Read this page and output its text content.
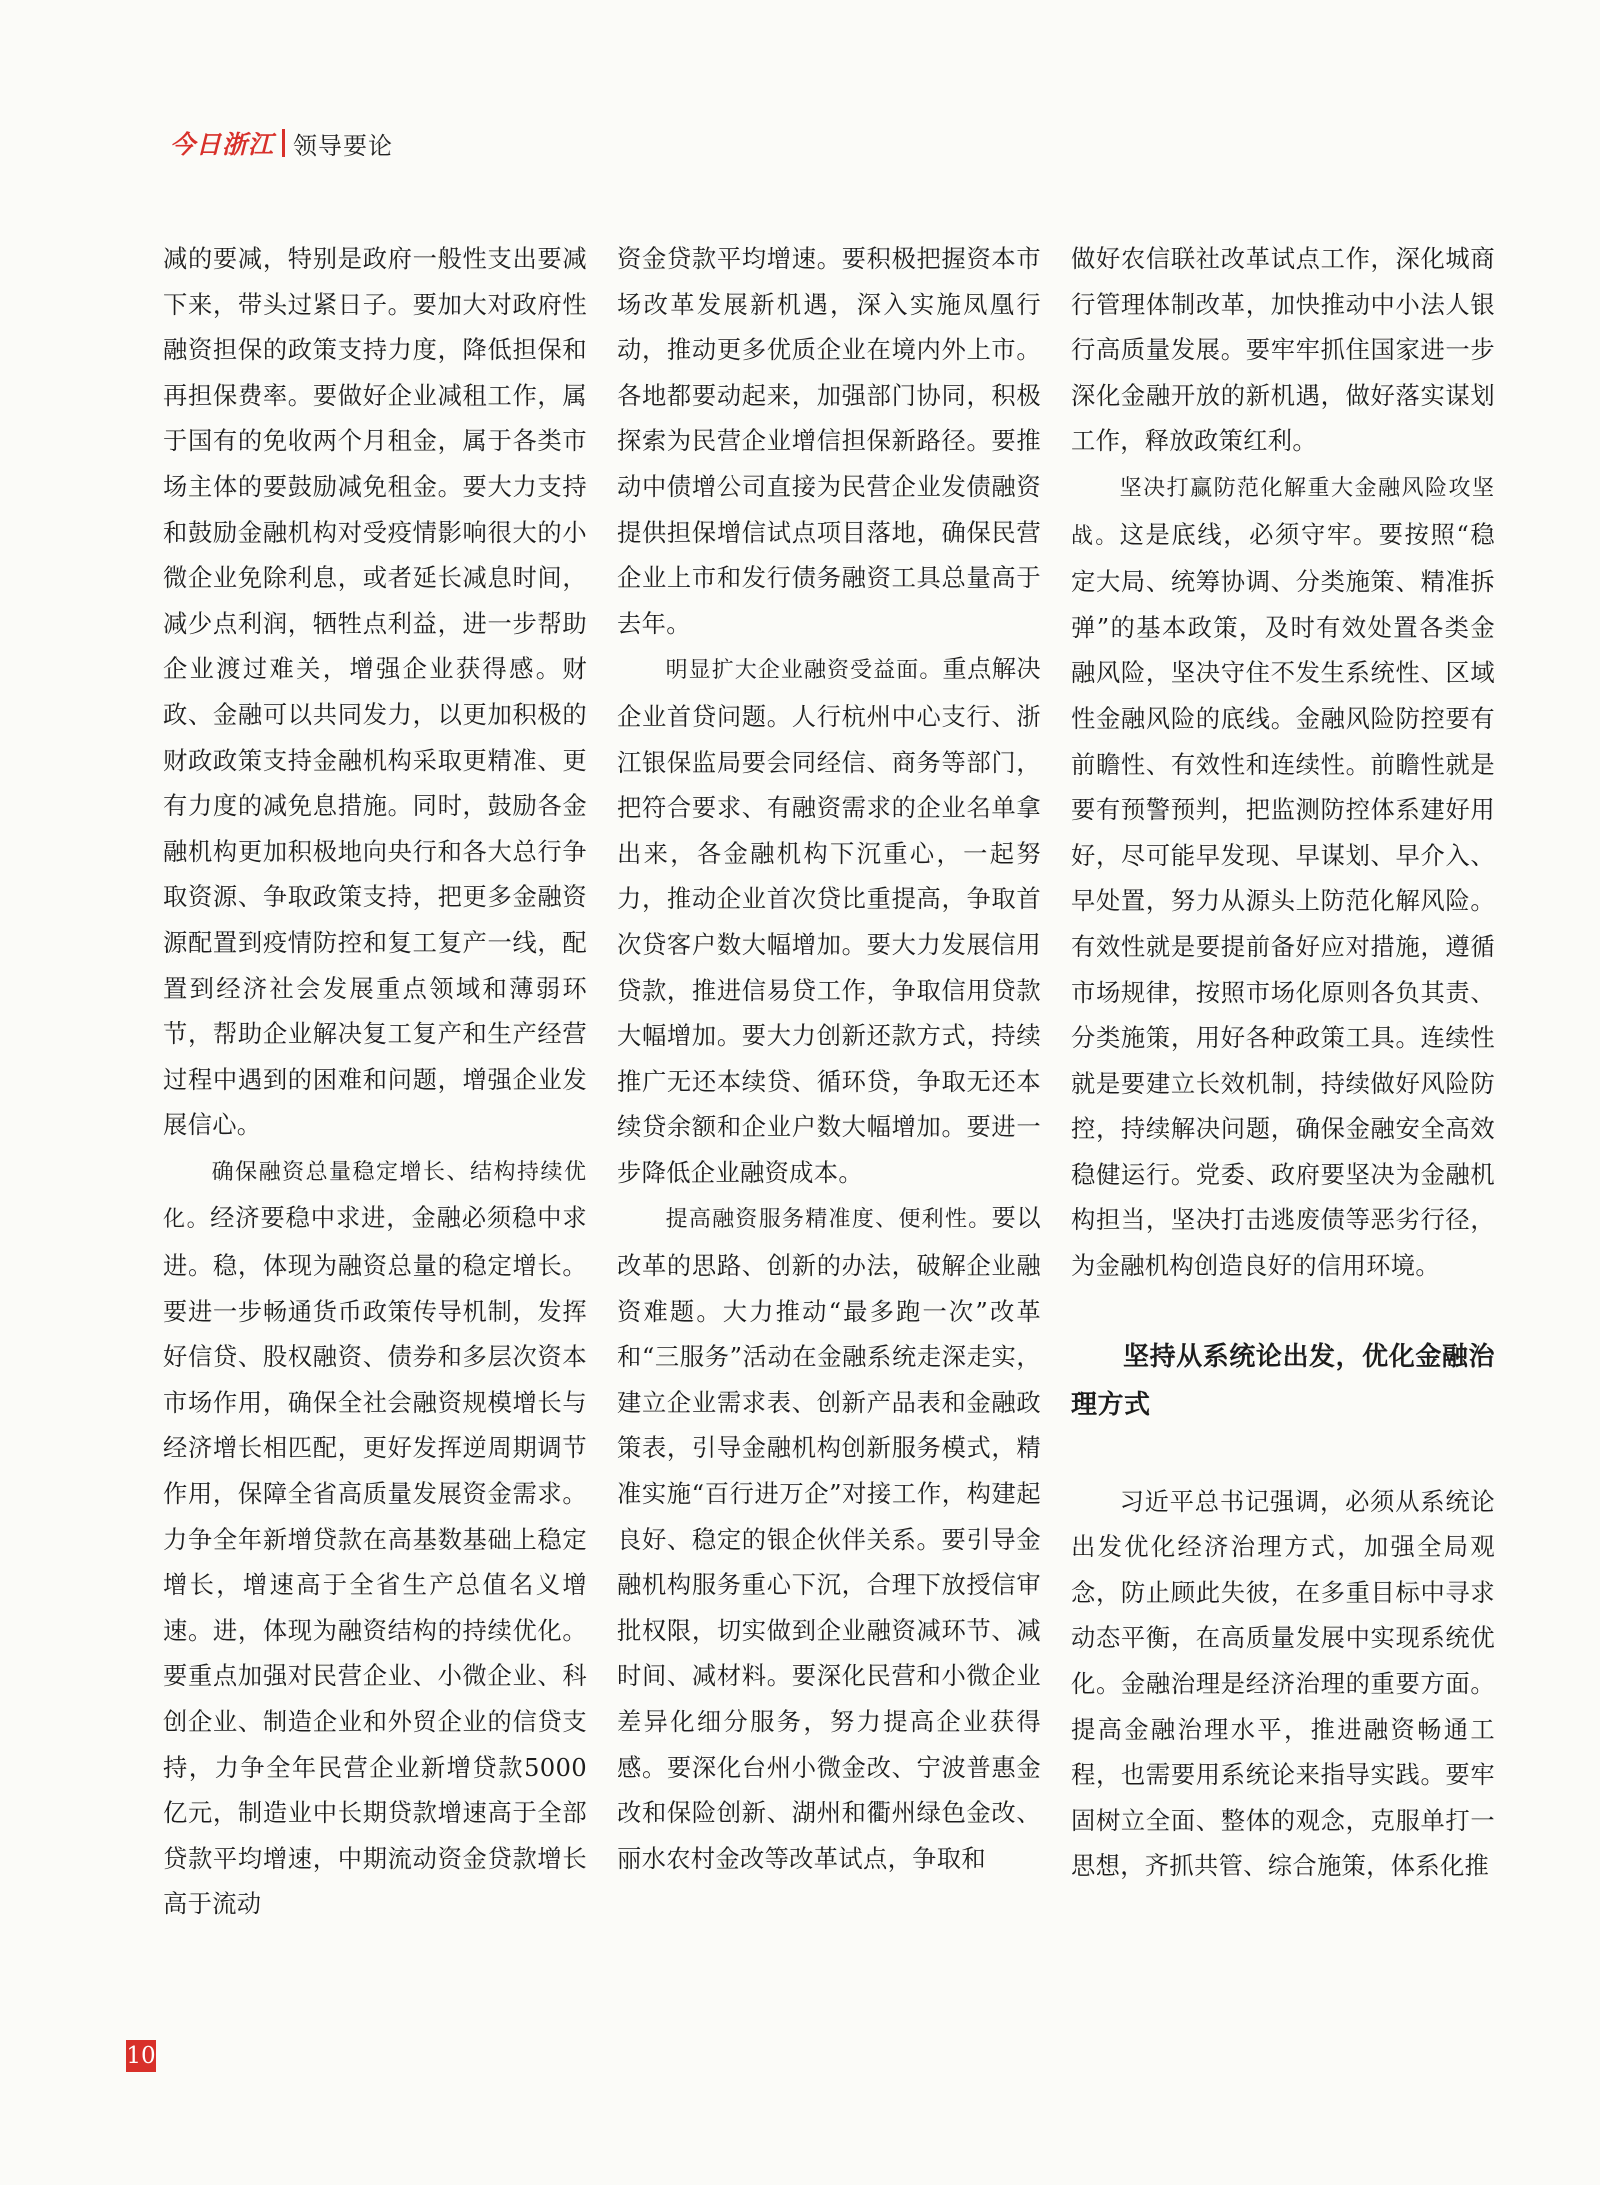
今日浙江 领导要论

减的要减，特别是政府一般性支出要减下来，带头过紧日子。要加大对政府性融资担保的政策支持力度，降低担保和再担保费率。要做好企业减租工作，属于国有的免收两个月租金，属于各类市场主体的要鼓励减免租金。要大力支持和鼓励金融机构对受疫情影响很大的小微企业免除利息，或者延长减息时间，减少点利润，牺牲点利益，进一步帮助企业渡过难关，增强企业获得感。财政、金融可以共同发力，以更加积极的财政政策支持金融机构采取更精准、更有力度的减免息措施。同时，鼓励各金融机构更加积极地向央行和各大总行争取资源、争取政策支持，把更多金融资源配置到疫情防控和复工复产一线，配置到经济社会发展重点领域和薄弱环节，帮助企业解决复工复产和生产经营过程中遇到的困难和问题，增强企业发展信心。

确保融资总量稳定增长、结构持续优化。经济要稳中求进，金融必须稳中求进。稳，体现为融资总量的稳定增长。要进一步畅通货币政策传导机制，发挥好信贷、股权融资、债券和多层次资本市场作用，确保全社会融资规模增长与经济增长相匹配，更好发挥逆周期调节作用，保障全省高质量发展资金需求。力争全年新增贷款在高基数基础上稳定增长，增速高于全省生产总值名义增速。进，体现为融资结构的持续优化。要重点加强对民营企业、小微企业、科创企业、制造企业和外贸企业的信贷支持，力争全年民营企业新增贷款5000亿元，制造业中长期贷款增速高于全部贷款平均增速，中期流动资金贷款增长高于流动

资金贷款平均增速。要积极把握资本市场改革发展新机遇，深入实施凤凰行动，推动更多优质企业在境内外上市。各地都要动起来，加强部门协同，积极探索为民营企业增信担保新路径。要推动中债增公司直接为民营企业发债融资提供担保增信试点项目落地，确保民营企业上市和发行债务融资工具总量高于去年。

明显扩大企业融资受益面。重点解决企业首贷问题。人行杭州中心支行、浙江银保监局要会同经信、商务等部门，把符合要求、有融资需求的企业名单拿出来，各金融机构下沉重心，一起努力，推动企业首次贷比重提高，争取首次贷客户数大幅增加。要大力发展信用贷款，推进信易贷工作，争取信用贷款大幅增加。要大力创新还款方式，持续推广无还本续贷、循环贷，争取无还本续贷余额和企业户数大幅增加。要进一步降低企业融资成本。

提高融资服务精准度、便利性。要以改革的思路、创新的办法，破解企业融资难题。大力推动“最多跑一次”改革和“三服务”活动在金融系统走深走实，建立企业需求表、创新产品表和金融政策表，引导金融机构创新服务模式，精准实施“百行进万企”对接工作，构建起良好、稳定的银企伙伴关系。要引导金融机构服务重心下沉，合理下放授信审批权限，切实做到企业融资减环节、减时间、减材料。要深化民营和小微企业差异化细分服务，努力提高企业获得感。要深化台州小微金改、宁波普惠金改和保险创新、湖州和衢州绿色金改、丽水农村金改等改革试点，争取和

做好农信联社改革试点工作，深化城商行管理体制改革，加快推动中小法人银行高质量发展。要牢牢抓住国家进一步深化金融开放的新机遇，做好落实谋划工作，释放政策红利。

坚决打赢防范化解重大金融风险攻坚战。这是底线，必须守牢。要按照“稳定大局、统筹协调、分类施策、精准拆弹”的基本政策，及时有效处置各类金融风险，坚决守住不发生系统性、区域性金融风险的底线。金融风险防控要有前瞻性、有效性和连续性。前瞻性就是要有预警预判，把监测防控体系建好用好，尽可能早发现、早谋划、早介入、早处置，努力从源头上防范化解风险。有效性就是要提前备好应对措施，遵循市场规律，按照市场化原则各负其责、分类施策，用好各种政策工具。连续性就是要建立长效机制，持续做好风险防控，持续解决问题，确保金融安全高效稳健运行。党委、政府要坚决为金融机构担当，坚决打击逃废债等恶劣行径，为金融机构创造良好的信用环境。

坚持从系统论出发，优化金融治理方式

习近平总书记强调，必须从系统论出发优化经济治理方式，加强全局观念，防止顾此失彼，在多重目标中寻求动态平衡，在高质量发展中实现系统优化。金融治理是经济治理的重要方面。提高金融治理水平，推进融资畅通工程，也需要用系统论来指导实践。要牢固树立全面、整体的观念，克服单打一思想，齐抓共管、综合施策，体系化推

10
